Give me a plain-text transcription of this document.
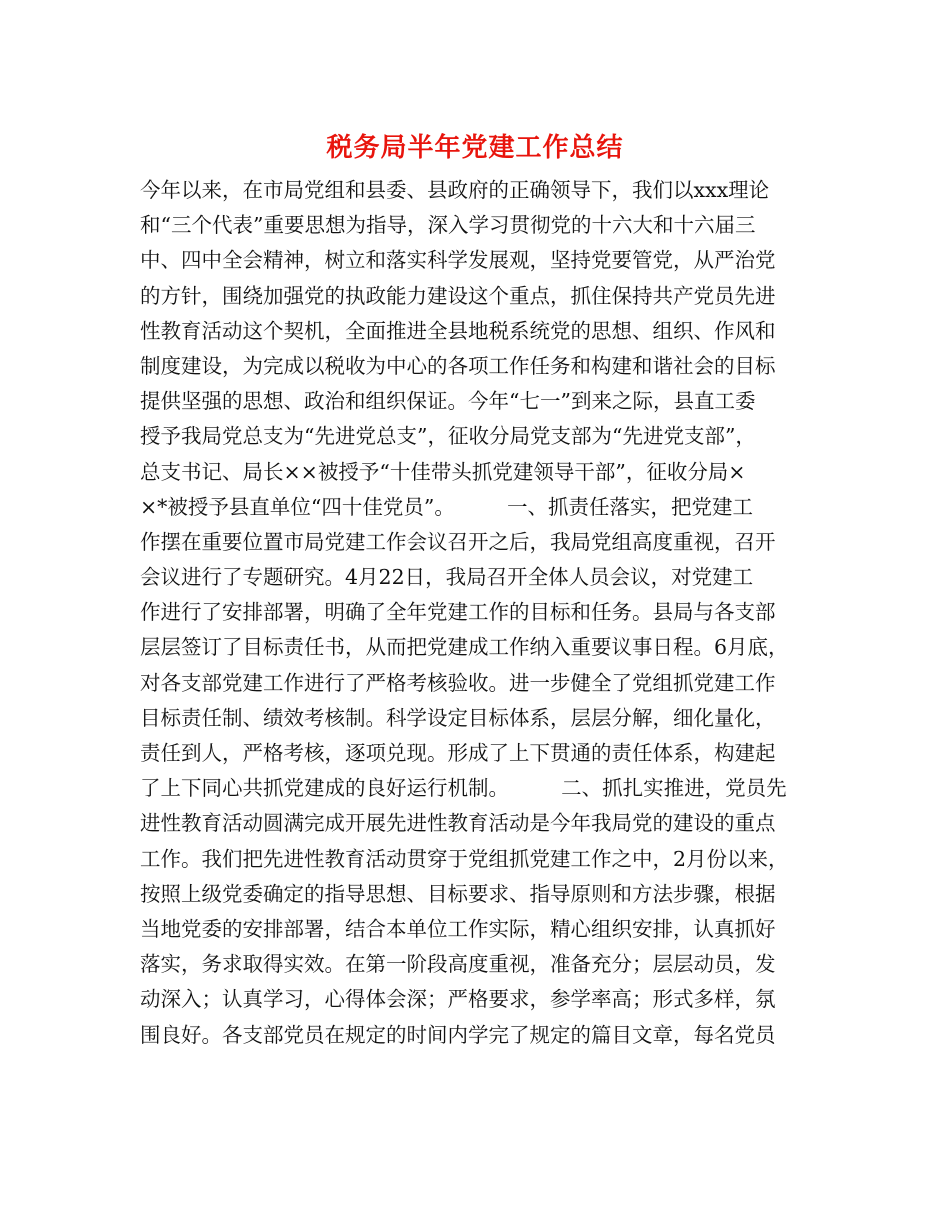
税务局半年党建工作总结
今年以来，在市局党组和县委、县政府的正确领导下，我们以xxx理论
和“三个代表”重要思想为指导，深入学习贯彻党的十六大和十六届三
中、四中全会精神，树立和落实科学发展观，坚持党要管党，从严治党
的方针，围绕加强党的执政能力建设这个重点，抓住保持共产党员先进
性教育活动这个契机，全面推进全县地税系统党的思想、组织、作风和
制度建设，为完成以税收为中心的各项工作任务和构建和谐社会的目标
提供坚强的思想、政治和组织保证。今年“七一”到来之际，县直工委
授予我局党总支为“先进党总支”，征收分局党支部为“先进党支部”，
总支书记、局长××被授予“十佳带头抓党建领导干部”，征收分局×
×*被授予县直单位“四十佳党员”。        一、抓责任落实，把党建工
作摆在重要位置市局党建工作会议召开之后，我局党组高度重视，召开
会议进行了专题研究。4月22日，我局召开全体人员会议，对党建工
作进行了安排部署，明确了全年党建工作的目标和任务。县局与各支部
层层签订了目标责任书，从而把党建成工作纳入重要议事日程。6月底，
对各支部党建工作进行了严格考核验收。进一步健全了党组抓党建工作
目标责任制、绩效考核制。科学设定目标体系，层层分解，细化量化，
责任到人，严格考核，逐项兑现。形成了上下贯通的责任体系，构建起
了上下同心共抓党建成的良好运行机制。        二、抓扎实推进，党员先
进性教育活动圆满完成开展先进性教育活动是今年我局党的建设的重点
工作。我们把先进性教育活动贯穿于党组抓党建工作之中，2月份以来，
按照上级党委确定的指导思想、目标要求、指导原则和方法步骤，根据
当地党委的安排部署，结合本单位工作实际，精心组织安排，认真抓好
落实，务求取得实效。在第一阶段高度重视，准备充分；层层动员，发
动深入；认真学习，心得体会深；严格要求，参学率高；形式多样，氛
围良好。各支部党员在规定的时间内学完了规定的篇目文章，每名党员
